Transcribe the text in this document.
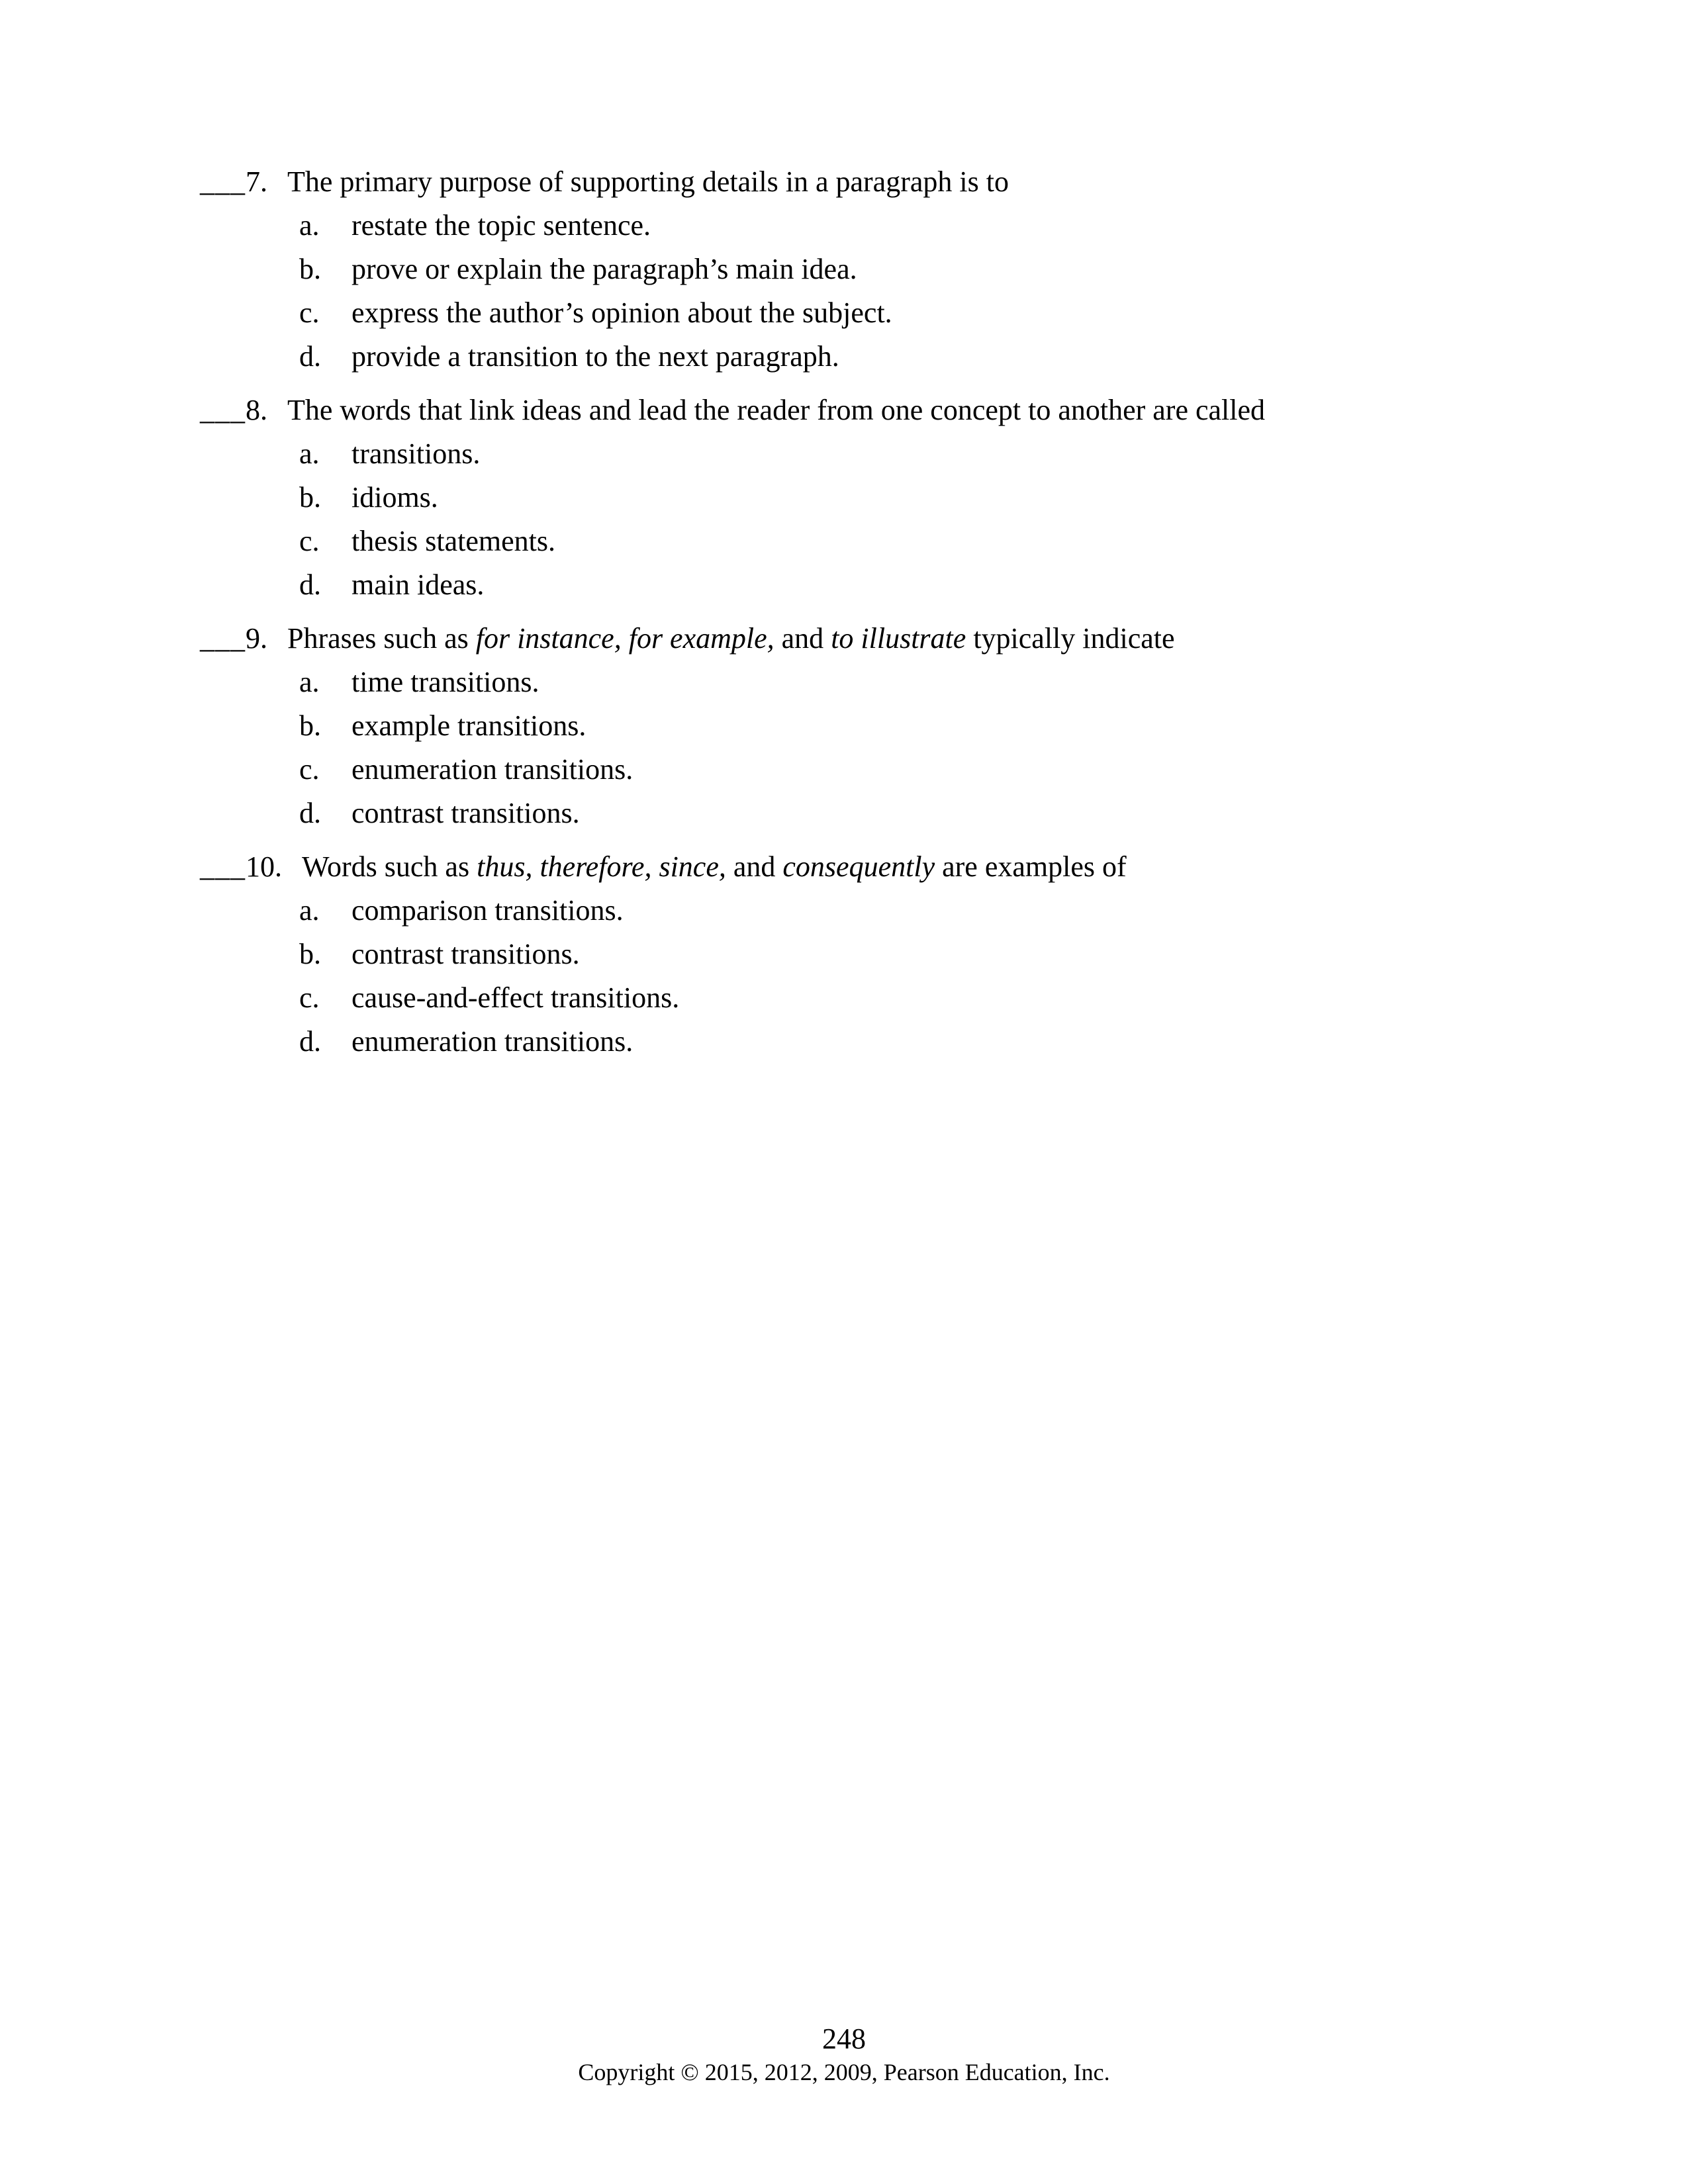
___7. The primary purpose of supporting details in a paragraph is to
a.	restate the topic sentence.
b.	prove or explain the paragraph’s main idea.
c.	express the author’s opinion about the subject.
d.	provide a transition to the next paragraph.
___8. The words that link ideas and lead the reader from one concept to another are called
a.	transitions.
b.	idioms.
c.	thesis statements.
d.	main ideas.
___9. Phrases such as for instance, for example, and to illustrate typically indicate
a.	time transitions.
b.	example transitions.
c.	enumeration transitions.
d.	contrast transitions.
___10. Words such as thus, therefore, since, and consequently are examples of
a.	comparison transitions.
b.	contrast transitions.
c.	cause-and-effect transitions.
d.	enumeration transitions.
248
Copyright © 2015, 2012, 2009, Pearson Education, Inc.
